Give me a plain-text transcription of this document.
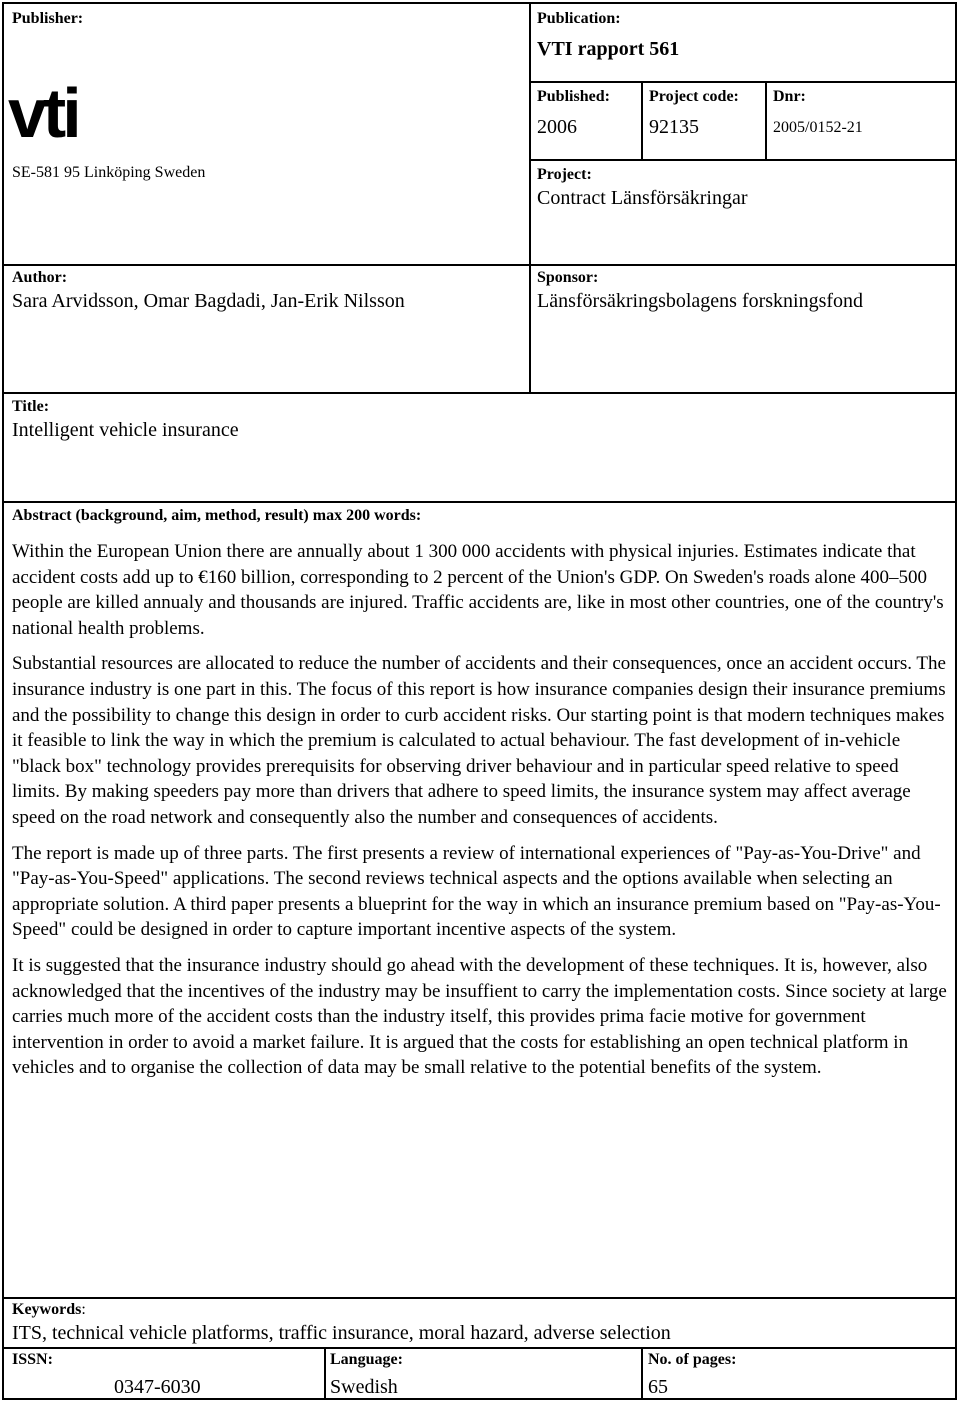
Publisher:
vti
SE-581 95 Linköping Sweden
Publication:
VTI rapport 561
Published:
2006
Project code:
92135
Dnr:
2005/0152-21
Project:
Contract Länsförsäkringar
Author:
Sara Arvidsson, Omar Bagdadi, Jan-Erik Nilsson
Sponsor:
Länsförsäkringsbolagens forskningsfond
Title:
Intelligent vehicle insurance
Abstract (background, aim, method, result) max 200 words:

Within the European Union there are annually about 1 300 000 accidents with physical injuries. Estimates indicate that accident costs add up to €160 billion, corresponding to 2 percent of the Union's GDP. On Sweden's roads alone 400–500 people are killed annualy and thousands are injured. Traffic accidents are, like in most other countries, one of the country's national health problems.

Substantial resources are allocated to reduce the number of accidents and their consequences, once an accident occurs. The insurance industry is one part in this. The focus of this report is how insurance companies design their insurance premiums and the possibility to change this design in order to curb accident risks. Our starting point is that modern techniques makes it feasible to link the way in which the premium is calculated to actual behaviour. The fast development of in-vehicle "black box" technology provides prerequisits for observing driver behaviour and in particular speed relative to speed limits. By making speeders pay more than drivers that adhere to speed limits, the insurance system may affect average speed on the road network and consequently also the number and consequences of accidents.

The report is made up of three parts. The first presents a review of international experiences of "Pay-as-You-Drive" and "Pay-as-You-Speed" applications. The second reviews technical aspects and the options available when selecting an appropriate solution. A third paper presents a blueprint for the way in which an insurance premium based on "Pay-as-You-Speed" could be designed in order to capture important incentive aspects of the system.

It is suggested that the insurance industry should go ahead with the development of these techniques. It is, however, also acknowledged that the incentives of the industry may be insuffient to carry the implementation costs. Since society at large carries much more of the accident costs than the industry itself, this provides prima facie motive for government intervention in order to avoid a market failure. It is argued that the costs for establishing an open technical platform in vehicles and to organise the collection of data may be small relative to the potential benefits of the system.

Keywords:
ITS, technical vehicle platforms, traffic insurance, moral hazard, adverse selection
ISSN:
0347-6030
Language:
Swedish
No. of pages:
65
